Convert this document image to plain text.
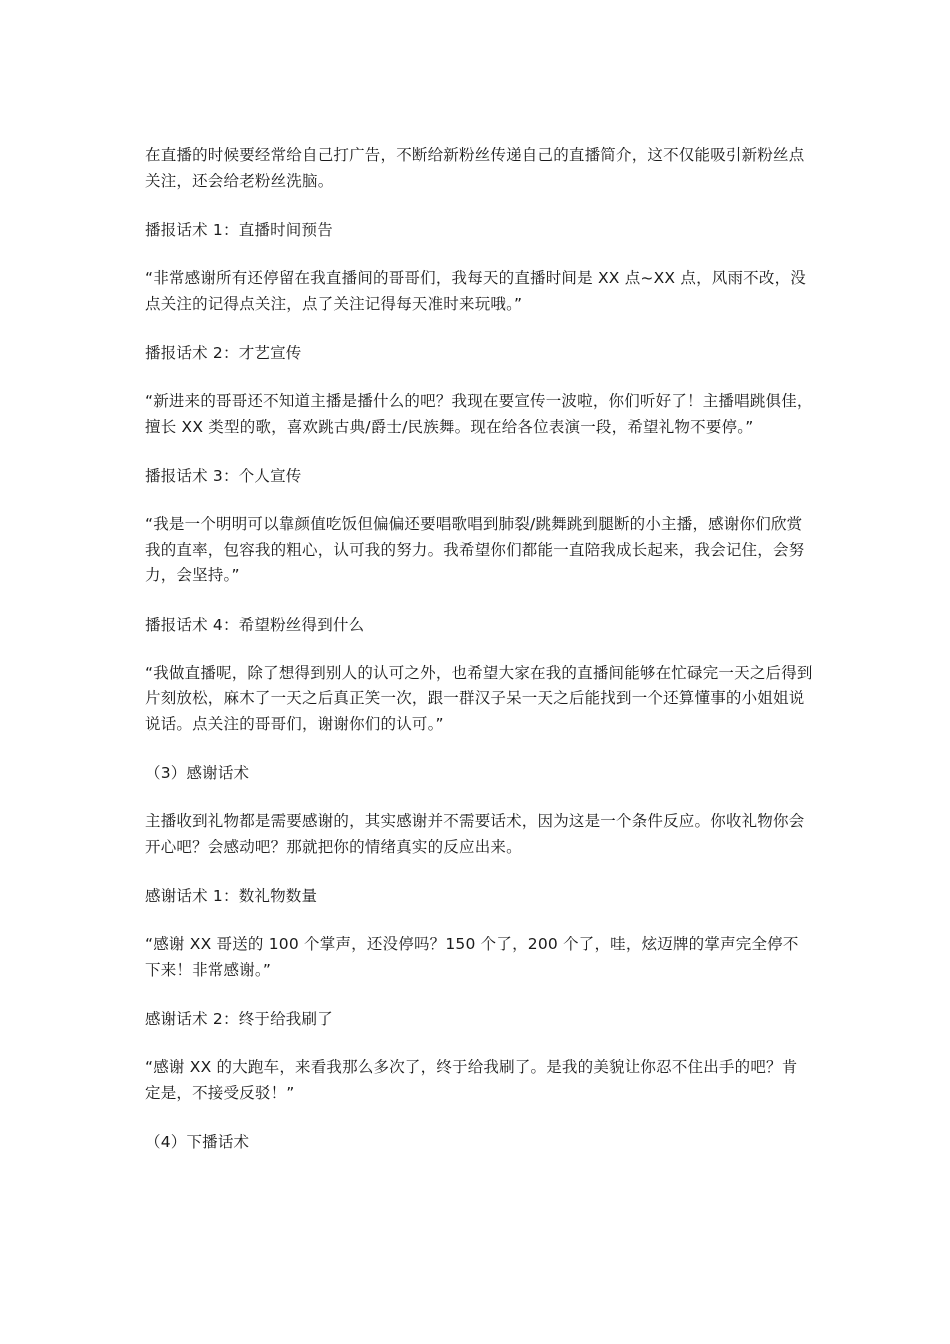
在直播的时候要经常给自己打广告，不断给新粉丝传递自己的直播简介，这不仅能吸引新粉丝点关注，还会给老粉丝洗脑。

播报话术 1：直播时间预告

“非常感谢所有还停留在我直播间的哥哥们，我每天的直播时间是 XX 点~XX 点，风雨不改，没点关注的记得点关注，点了关注记得每天准时来玩哦。”

播报话术 2：才艺宣传

“新进来的哥哥还不知道主播是播什么的吧？我现在要宣传一波啦，你们听好了！主播唱跳俱佳，擅长 XX 类型的歌，喜欢跳古典/爵士/民族舞。现在给各位表演一段，希望礼物不要停。”

播报话术 3：个人宣传

“我是一个明明可以靠颜值吃饭但偏偏还要唱歌唱到肺裂/跳舞跳到腿断的小主播，感谢你们欣赏我的直率，包容我的粗心，认可我的努力。我希望你们都能一直陪我成长起来，我会记住，会努力，会坚持。”

播报话术 4：希望粉丝得到什么

“我做直播呢，除了想得到别人的认可之外，也希望大家在我的直播间能够在忙碌完一天之后得到片刻放松，麻木了一天之后真正笑一次，跟一群汉子呆一天之后能找到一个还算懂事的小姐姐说说话。点关注的哥哥们，谢谢你们的认可。”

（3）感谢话术

主播收到礼物都是需要感谢的，其实感谢并不需要话术，因为这是一个条件反应。你收礼物你会开心吧？会感动吧？那就把你的情绪真实的反应出来。

感谢话术 1：数礼物数量

“感谢 XX 哥送的 100 个掌声，还没停吗？150 个了，200 个了，哇，炫迈牌的掌声完全停不下来！非常感谢。”

感谢话术 2：终于给我刷了

“感谢 XX 的大跑车，来看我那么多次了，终于给我刷了。是我的美貌让你忍不住出手的吧？肯定是，不接受反驳！”

（4）下播话术
